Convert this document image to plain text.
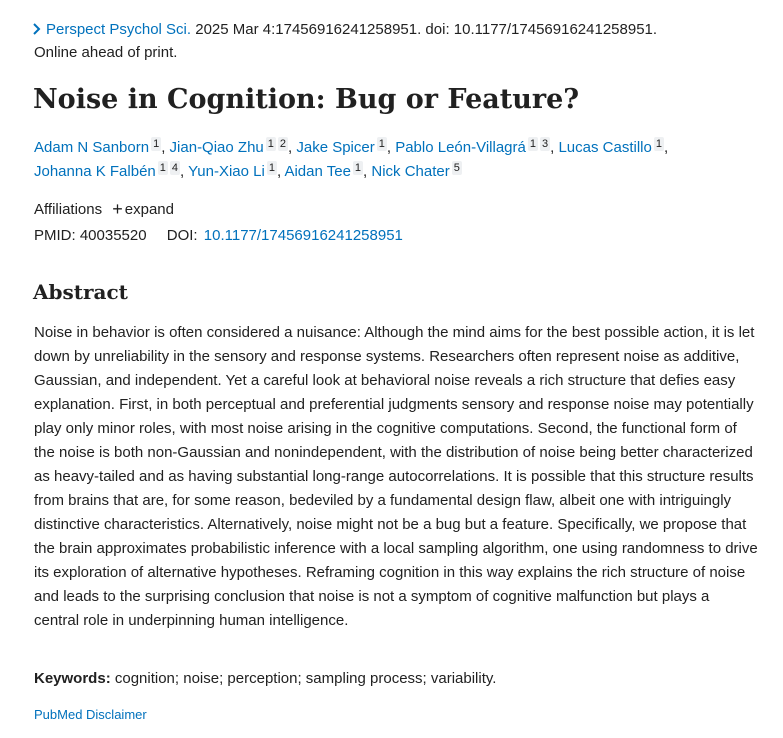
Perspect Psychol Sci. 2025 Mar 4:17456916241258951. doi: 10.1177/17456916241258951.
Online ahead of print.
Noise in Cognition: Bug or Feature?
Adam N Sanborn 1 , Jian-Qiao Zhu 1 2 , Jake Spicer 1 , Pablo León-Villagrá 1 3 , Lucas Castillo 1 ,
Johanna K Falbén 1 4 , Yun-Xiao Li 1 , Aidan Tee 1 , Nick Chater 5
Affiliations + expand
PMID: 40035520 DOI: 10.1177/17456916241258951
Abstract

Noise in behavior is often considered a nuisance: Although the mind aims for the best possible action, it is let down by unreliability in the sensory and response systems. Researchers often represent noise as additive, Gaussian, and independent. Yet a careful look at behavioral noise reveals a rich structure that defies easy explanation. First, in both perceptual and preferential judgments sensory and response noise may potentially play only minor roles, with most noise arising in the cognitive computations. Second, the functional form of the noise is both non-Gaussian and nonindependent, with the distribution of noise being better characterized as heavy-tailed and as having substantial long-range autocorrelations. It is possible that this structure results from brains that are, for some reason, bedeviled by a fundamental design flaw, albeit one with intriguingly distinctive characteristics. Alternatively, noise might not be a bug but a feature. Specifically, we propose that the brain approximates probabilistic inference with a local sampling algorithm, one using randomness to drive its exploration of alternative hypotheses. Reframing cognition in this way explains the rich structure of noise and leads to the surprising conclusion that noise is not a symptom of cognitive malfunction but plays a central role in underpinning human intelligence.

Keywords: cognition; noise; perception; sampling process; variability.

PubMed Disclaimer
